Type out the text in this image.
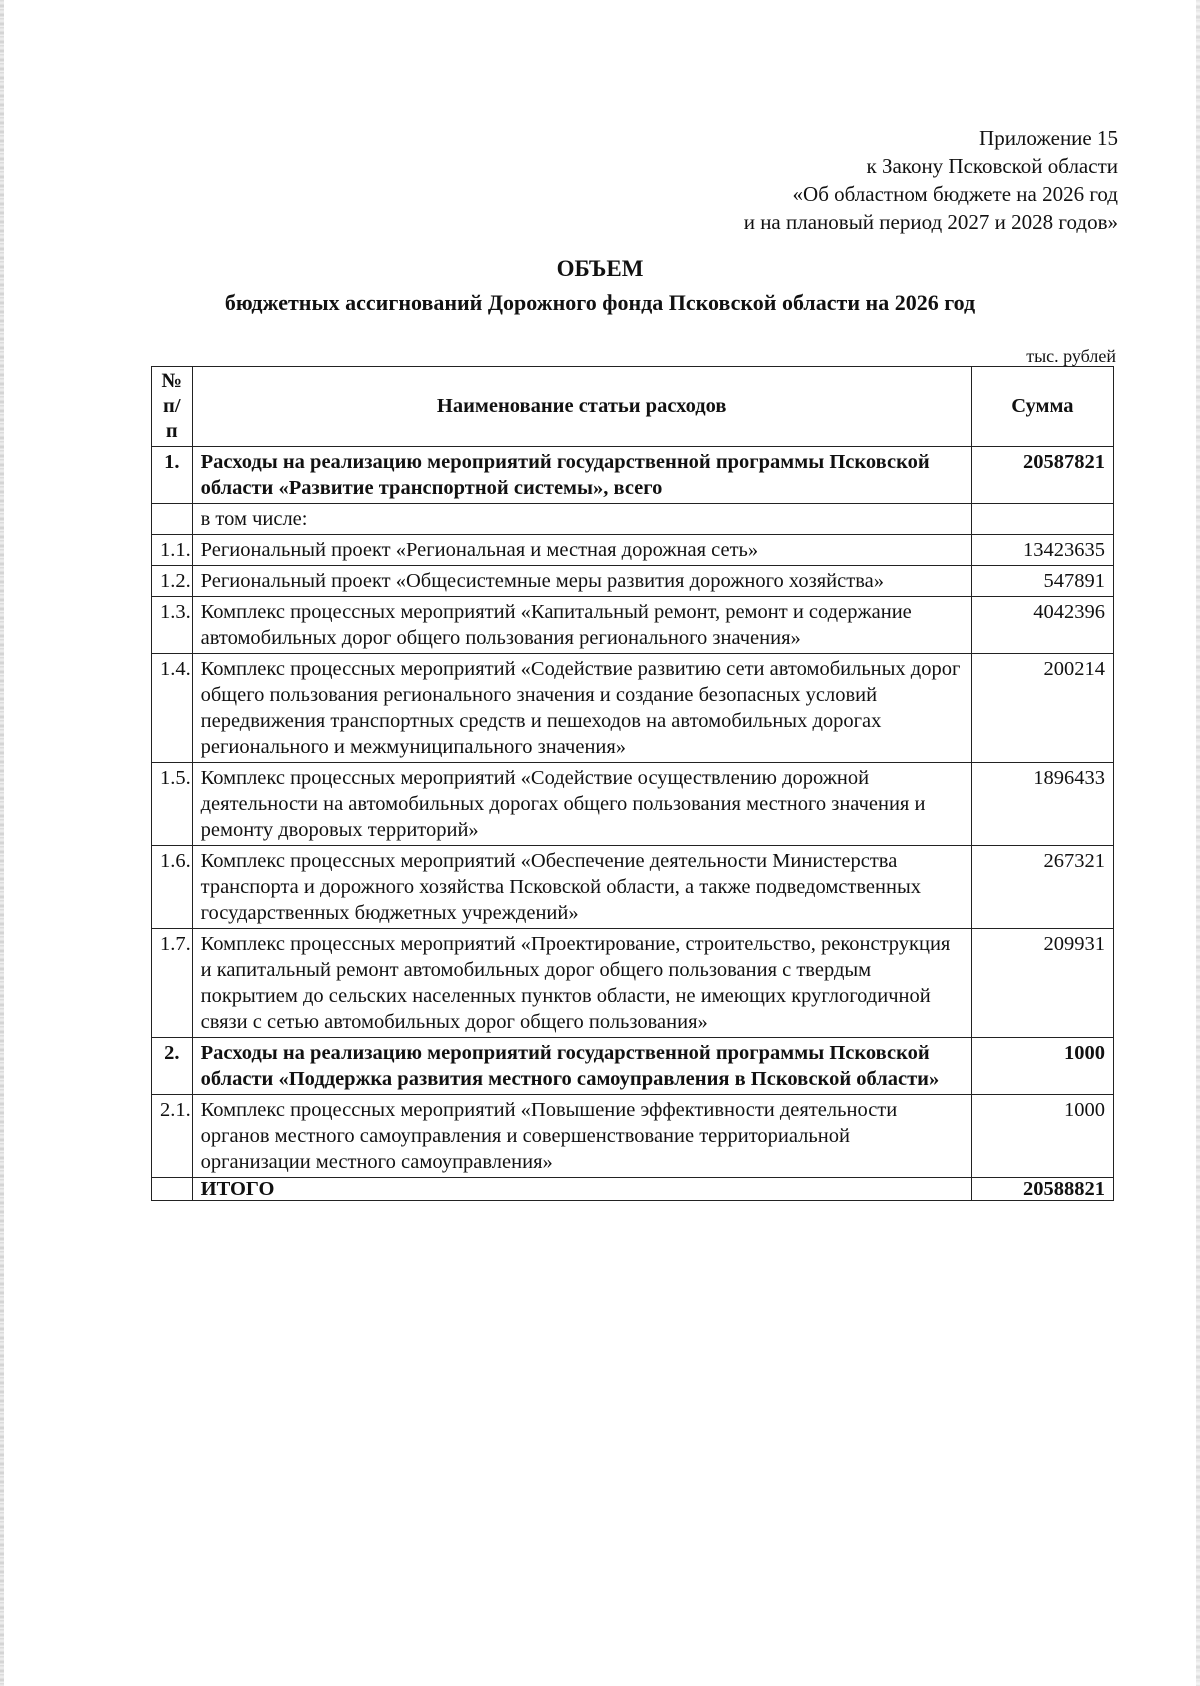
Приложение 15
к Закону Псковской области
«Об областном бюджете на 2026 год
и на плановый период 2027 и 2028 годов»
ОБЪЕМ
бюджетных ассигнований Дорожного фонда Псковской области на 2026 год
тыс. рублей
№ п/п	Наименование статьи расходов	Сумма
1.	Расходы на реализацию мероприятий государственной программы Псковской области «Развитие транспортной системы», всего	20587821
	в том числе:	
1.1.	Региональный проект «Региональная и местная дорожная сеть»	13423635
1.2.	Региональный проект «Общесистемные меры развития дорожного хозяйства»	547891
1.3.	Комплекс процессных мероприятий «Капитальный ремонт, ремонт и содержание автомобильных дорог общего пользования регионального значения»	4042396
1.4.	Комплекс процессных мероприятий «Содействие развитию сети автомобильных дорог общего пользования регионального значения и создание безопасных условий передвижения транспортных средств и пешеходов на автомобильных дорогах регионального и межмуниципального значения»	200214
1.5.	Комплекс процессных мероприятий «Содействие осуществлению дорожной деятельности на автомобильных дорогах общего пользования местного значения и ремонту дворовых территорий»	1896433
1.6.	Комплекс процессных мероприятий «Обеспечение деятельности Министерства транспорта и дорожного хозяйства Псковской области, а также подведомственных государственных бюджетных учреждений»	267321
1.7.	Комплекс процессных мероприятий «Проектирование, строительство, реконструкция и капитальный ремонт автомобильных дорог общего пользования с твердым покрытием до сельских населенных пунктов области, не имеющих круглогодичной связи с сетью автомобильных дорог общего пользования»	209931
2.	Расходы на реализацию мероприятий государственной программы Псковской области «Поддержка развития местного самоуправления в Псковской области»	1000
2.1.	Комплекс процессных мероприятий «Повышение эффективности деятельности органов местного самоуправления и совершенствование территориальной организации местного самоуправления»	1000
	ИТОГО	20588821
